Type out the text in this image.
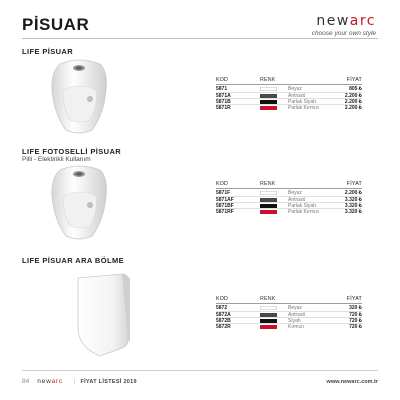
PİSUAR	newarc
choose your own style
LIFE PİSUAR
KOD	RENK	FİYAT
5871	Beyaz	805 ₺
5871A	Antrasit	2.200 ₺
5871B	Parlak Siyah	2.200 ₺
5871R	Parlak Kırmızı	2.200 ₺
LIFE FOTOSELLİ PİSUAR
Pilli - Elektirikli Kullanım
KOD	RENK	FİYAT
5871F	Beyaz	2.200 ₺
5871AF	Antrasit	3.320 ₺
5871BF	Parlak Siyah	3.320 ₺
5871RF	Parlak Kırmızı	3.320 ₺
LIFE PİSUAR ARA BÖLME
KOD	RENK	FİYAT
5872	Beyaz	320 ₺
5872A	Antrasit	720 ₺
5872B	Siyah	720 ₺
5872R	Kırmızı	720 ₺
84 newarc | FİYAT LİSTESİ 2019	www.newarc.com.tr
